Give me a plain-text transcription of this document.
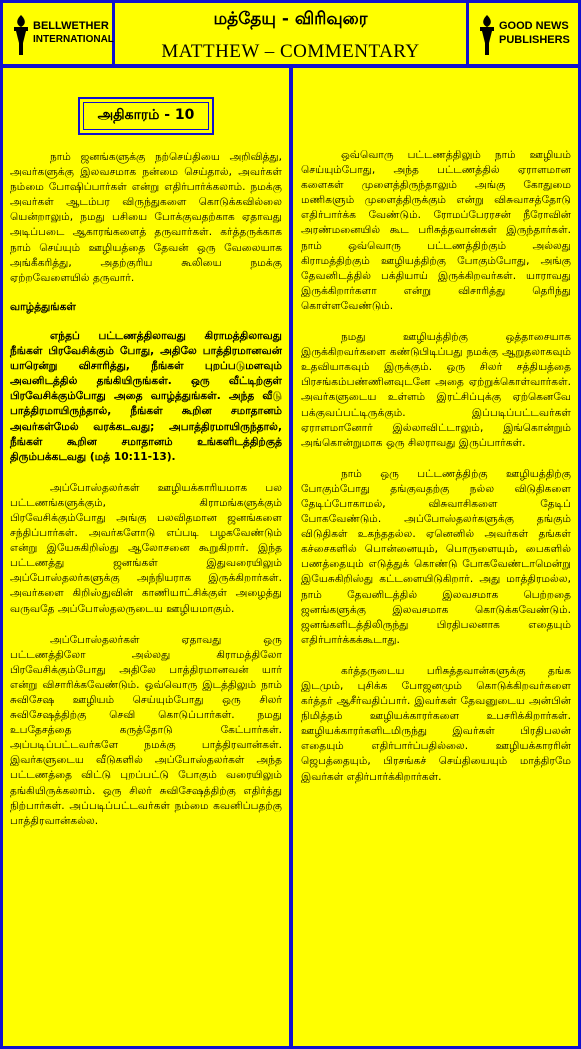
BELLWETHER
INTERNATIONAL
மத்தேயு - விரிவுரை
MATTHEW – COMMENTARY
GOOD NEWS
PUBLISHERS
அதிகாரம் - 10

நாம் ஜனங்களுக்கு நற்செய்தியை அறிவித்து, அவர்களுக்கு இலவசமாக நன்மை செய்தால், அவர்கள் நம்மை போஷிப்பார்கள் என்று எதிர்பார்க்கலாம். நமக்கு அவர்கள் ஆடம்பர விருந்துகளை கொடுக்கவில்லை யென்றாலும், நமது பசியை போக்குவதற்காக ஏதாவது அடிப்படை ஆகாரங்களைத் தருவார்கள். கர்த்தருக்காக நாம் செய்யும் ஊழியத்தை தேவன் ஒரு வேலையாக அங்கீகரித்து, அதற்குரிய கூலியை நமக்கு ஏற்றவேளையில் தருவார்.

வாழ்த்துங்கள்

எந்தப் பட்டணத்திலாவது கிராமத்திலாவது நீங்கள் பிரவேசிக்கும் போது, அதிலே பாத்திரமானவன் யாரென்று விசாரித்து, நீங்கள் புறப்படுமளவும் அவனிடத்தில் தங்கியிருங்கள். ஒரு வீட்டிற்குள் பிரவேசிக்கும்போது அதை வாழ்த்துங்கள். அந்த வீடு பாத்திரமாயிருந்தால், நீங்கள் கூறின சமாதானம் அவர்கள்மேல் வரக்கடவது; அபாத்திரமாயிருந்தால், நீங்கள் கூறின சமாதானம் உங்களிடத்திற்குத் திரும்பக்கடவது (மத் 10:11-13).

அப்போஸ்தலர்கள் ஊழியக்காரியமாக பல பட்டணங்களுக்கும், கிராமங்களுக்கும் பிரவேசிக்கும்போது அங்கு பலவிதமான ஜனங்களை சந்திப்பார்கள். அவர்களோடு எப்படி பழகவேண்டும் என்று இயேசுகிறிஸ்து ஆலோசனை கூறுகிறார். இந்த பட்டணத்து ஜனங்கள் இதுவரையிலும் அப்போஸ்தலர்களுக்கு அந்நியராக இருக்கிறார்கள். அவர்களை கிறிஸ்துவின் காணியாட்சிக்குள் அழைத்து வருவதே அப்போஸ்தலருடைய ஊழியமாகும்.

அப்போஸ்தலர்கள் ஏதாவது ஒரு பட்டணத்திலோ அல்லது கிராமத்திலோ பிரவேசிக்கும்போது அதிலே பாத்திரமானவன் யார் என்று விசாரிக்கவேண்டும். ஒவ்வொரு இடத்திலும் நாம் சுவிசேஷ ஊழியம் செய்யும்போது ஒரு சிலர் சுவிசேஷத்திற்கு செவி கொடுப்பார்கள். நமது உபதேசத்தை கருத்தோடு கேட்பார்கள். அப்படிப்பட்டவர்களே நமக்கு பாத்திரவான்கள். இவர்களுடைய வீடுகளில் அப்போஸ்தலர்கள் அந்த பட்டணத்தை விட்டு புறப்பட்டு போகும் வரையிலும் தங்கியிருக்கலாம். ஒரு சிலர் சுவிசேஷத்திற்கு எதிர்த்து நிற்பார்கள். அப்படிப்பட்டவர்கள் நம்மை கவனிப்பதற்கு பாத்திரவான்கல்ல.

ஒவ்வொரு பட்டணத்திலும் நாம் ஊழியம் செய்யும்போது, அந்த பட்டணத்தில் ஏராளமான களைகள் முளைத்திருந்தாலும் அங்கு கோதுமை மணிகளும் முளைத்திருக்கும் என்று விசுவாசத்தோடு எதிர்பார்க்க வேண்டும். ரோமப்பேரரசன் நீரோவின் அரண்மனையில் கூட பரிசுத்தவான்கள் இருந்தார்கள். நாம் ஒவ்வொரு பட்டணத்திற்கும் அல்லது கிராமத்திற்கும் ஊழியத்திற்கு போகும்போது, அங்கு தேவனிடத்தில் பக்தியாய் இருக்கிறவர்கள். யாராவது இருக்கிறார்களா என்று விசாரித்து தெரிந்து கொள்ளவேண்டும்.

நமது ஊழியத்திற்கு ஒத்தாசையாக இருக்கிறவர்களை கண்டுபிடிப்பது நமக்கு ஆறுதலாகவும் உதவியாகவும் இருக்கும். ஒரு சிலர் சத்தியத்தை பிரசங்கம்பண்ணினவுடனே அதை ஏற்றுக்கொள்வார்கள். அவர்களுடைய உள்ளம் இரட்சிப்புக்கு ஏற்கெனவே பக்குவப்பட்டிருக்கும். இப்படிப்பட்டவர்கள் ஏராளமானோர் இல்லாவிட்டாலும், இங்கொன்றும் அங்கொன்றுமாக ஒரு சிலராவது இருப்பார்கள்.

நாம் ஒரு பட்டணத்திற்கு ஊழியத்திற்கு போகும்போது தங்குவதற்கு நல்ல விடுதிகளை தேடிப்போகாமல், விசுவாசிகளை தேடிப் போகவேண்டும். அப்போஸ்தலர்களுக்கு தங்கும் விடுதிகள் உகந்ததல்ல. ஏனெனில் அவர்கள் தங்கள் கச்சைகளில் பொன்னையும், பொருளையும், பைகளில் பணத்தையும் எடுத்துக் கொண்டு போகவேண்டாமென்று இயேசுகிறிஸ்து கட்டளையிடுகிறார். அது மாத்திரமல்ல, நாம் தேவனிடத்தில் இலவசமாக பெற்றதை ஜனங்களுக்கு இலவசமாக கொடுக்கவேண்டும். ஜனங்களிடத்திலிருந்து பிரதிபலனாக எதையும் எதிர்பார்க்கக்கூடாது.

கர்த்தருடைய பரிசுத்தவான்களுக்கு தங்க இடமும், புசிக்க போஜனமும் கொடுக்கிறவர்களை கர்த்தர் ஆசீர்வதிப்பார். இவர்கள் தேவனுடைய அன்பின் நிமித்தம் ஊழியக்காரர்களை உபசரிக்கிறார்கள். ஊழியக்காரர்களிடமிருந்து இவர்கள் பிரதிபலன் எதையும் எதிர்பார்ப்பதில்லை. ஊழியக்காரரின் ஜெபத்தையும், பிரசங்கச் செய்தியையும் மாத்திரமே இவர்கள் எதிர்பார்க்கிறார்கள்.
